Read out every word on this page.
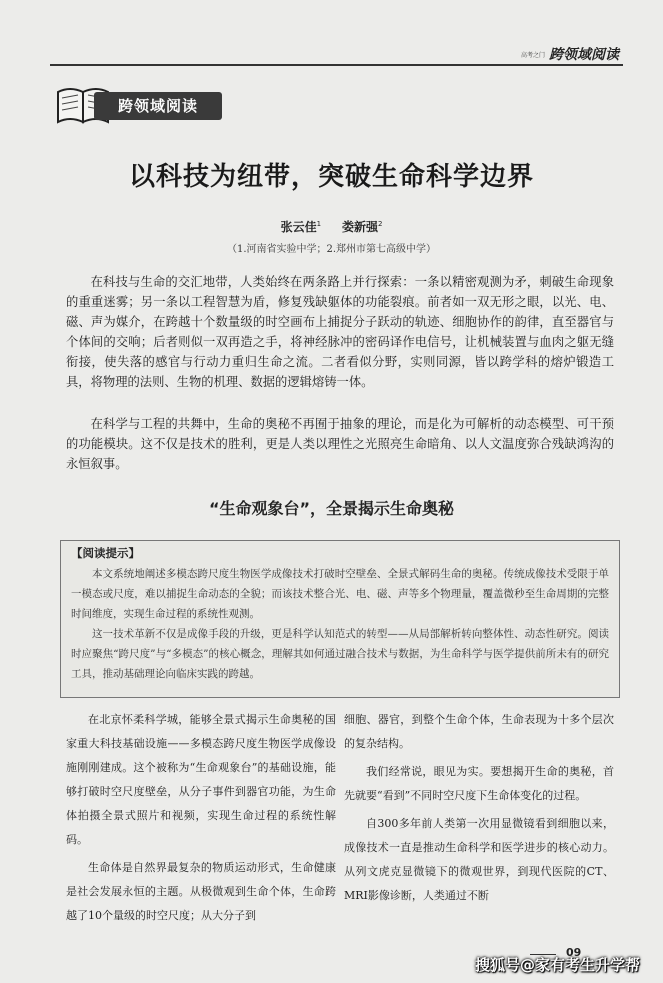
高考之门 跨领域阅读
跨领域阅读
以科技为纽带，突破生命科学边界
张云佳$^1$ 娄新强$^2$
（1.河南省实验中学；2.郑州市第七高级中学）

在科技与生命的交汇地带，人类始终在两条路上并行探索：一条以精密观测为矛，刺破生命现象的重重迷雾；另一条以工程智慧为盾，修复残缺躯体的功能裂痕。前者如一双无形之眼，以光、电、磁、声为媒介，在跨越十个数量级的时空画布上捕捉分子跃动的轨迹、细胞协作的韵律，直至器官与个体间的交响；后者则似一双再造之手，将神经脉冲的密码译作电信号，让机械装置与血肉之躯无缝衔接，使失落的感官与行动力重归生命之流。二者看似分野，实则同源，皆以跨学科的熔炉锻造工具，将物理的法则、生物的机理、数据的逻辑熔铸一体。

在科学与工程的共舞中，生命的奥秘不再囿于抽象的理论，而是化为可解析的动态模型、可干预的功能模块。这不仅是技术的胜利，更是人类以理性之光照亮生命暗角、以人文温度弥合残缺鸿沟的永恒叙事。

“生命观象台”，全景揭示生命奥秘
【阅读提示】

本文系统地阐述多模态跨尺度生物医学成像技术打破时空壁垒、全景式解码生命的奥秘。传统成像技术受限于单一模态或尺度，难以捕捉生命动态的全貌；而该技术整合光、电、磁、声等多个物理量，覆盖微秒至生命周期的完整时间维度，实现生命过程的系统性观测。

这一技术革新不仅是成像手段的升级，更是科学认知范式的转型——从局部解析转向整体性、动态性研究。阅读时应聚焦“跨尺度”与“多模态”的核心概念，理解其如何通过融合技术与数据，为生命科学与医学提供前所未有的研究工具，推动基础理论向临床实践的跨越。

在北京怀柔科学城，能够全景式揭示生命奥秘的国家重大科技基础设施——多模态跨尺度生物医学成像设施刚刚建成。这个被称为“生命观象台”的基础设施，能够打破时空尺度壁垒，从分子事件到器官功能，为生命体拍摄全景式照片和视频，实现生命过程的系统性解码。

生命体是自然界最复杂的物质运动形式，生命健康是社会发展永恒的主题。从极微观到生命个体，生命跨越了10个量级的时空尺度；从大分子到

细胞、器官，到整个生命个体，生命表现为十多个层次的复杂结构。

我们经常说，眼见为实。要想揭开生命的奥秘，首先就要“看到”不同时空尺度下生命体变化的过程。

自300多年前人类第一次用显微镜看到细胞以来，成像技术一直是推动生命科学和医学进步的核心动力。从列文虎克显微镜下的微观世界，到现代医院的CT、MRI影像诊断，人类通过不断

09
搜狐号@家有考生升学帮
